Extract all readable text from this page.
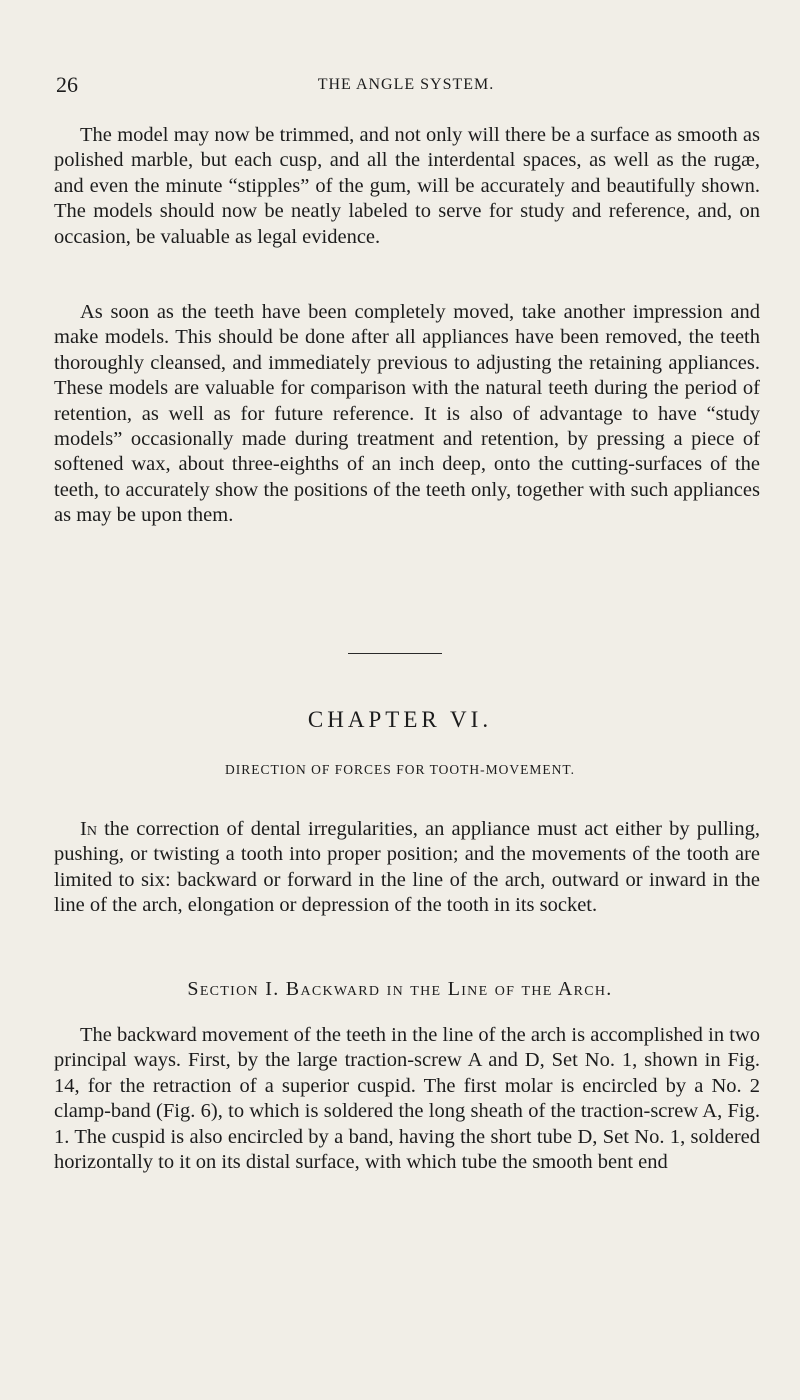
26	THE ANGLE SYSTEM.

The model may now be trimmed, and not only will there be a surface as smooth as polished marble, but each cusp, and all the interdental spaces, as well as the rugæ, and even the minute “stipples” of the gum, will be accurately and beautifully shown. The models should now be neatly labeled to serve for study and reference, and, on occasion, be valuable as legal evidence.

As soon as the teeth have been completely moved, take another impression and make models. This should be done after all appliances have been removed, the teeth thoroughly cleansed, and immediately previous to adjusting the retaining appliances. These models are valuable for comparison with the natural teeth during the period of retention, as well as for future reference. It is also of advantage to have “study models” occasionally made during treatment and retention, by pressing a piece of softened wax, about three-eighths of an inch deep, onto the cutting-surfaces of the teeth, to accurately show the positions of the teeth only, together with such appliances as may be upon them.

CHAPTER VI.
DIRECTION OF FORCES FOR TOOTH-MOVEMENT.

In the correction of dental irregularities, an appliance must act either by pulling, pushing, or twisting a tooth into proper position; and the movements of the tooth are limited to six: backward or forward in the line of the arch, outward or inward in the line of the arch, elongation or depression of the tooth in its socket.

Section I. Backward in the Line of the Arch.

The backward movement of the teeth in the line of the arch is accomplished in two principal ways. First, by the large traction-screw A and D, Set No. 1, shown in Fig. 14, for the retraction of a superior cuspid. The first molar is encircled by a No. 2 clamp-band (Fig. 6), to which is soldered the long sheath of the traction-screw A, Fig. 1. The cuspid is also encircled by a band, having the short tube D, Set No. 1, soldered horizontally to it on its distal surface, with which tube the smooth bent end
